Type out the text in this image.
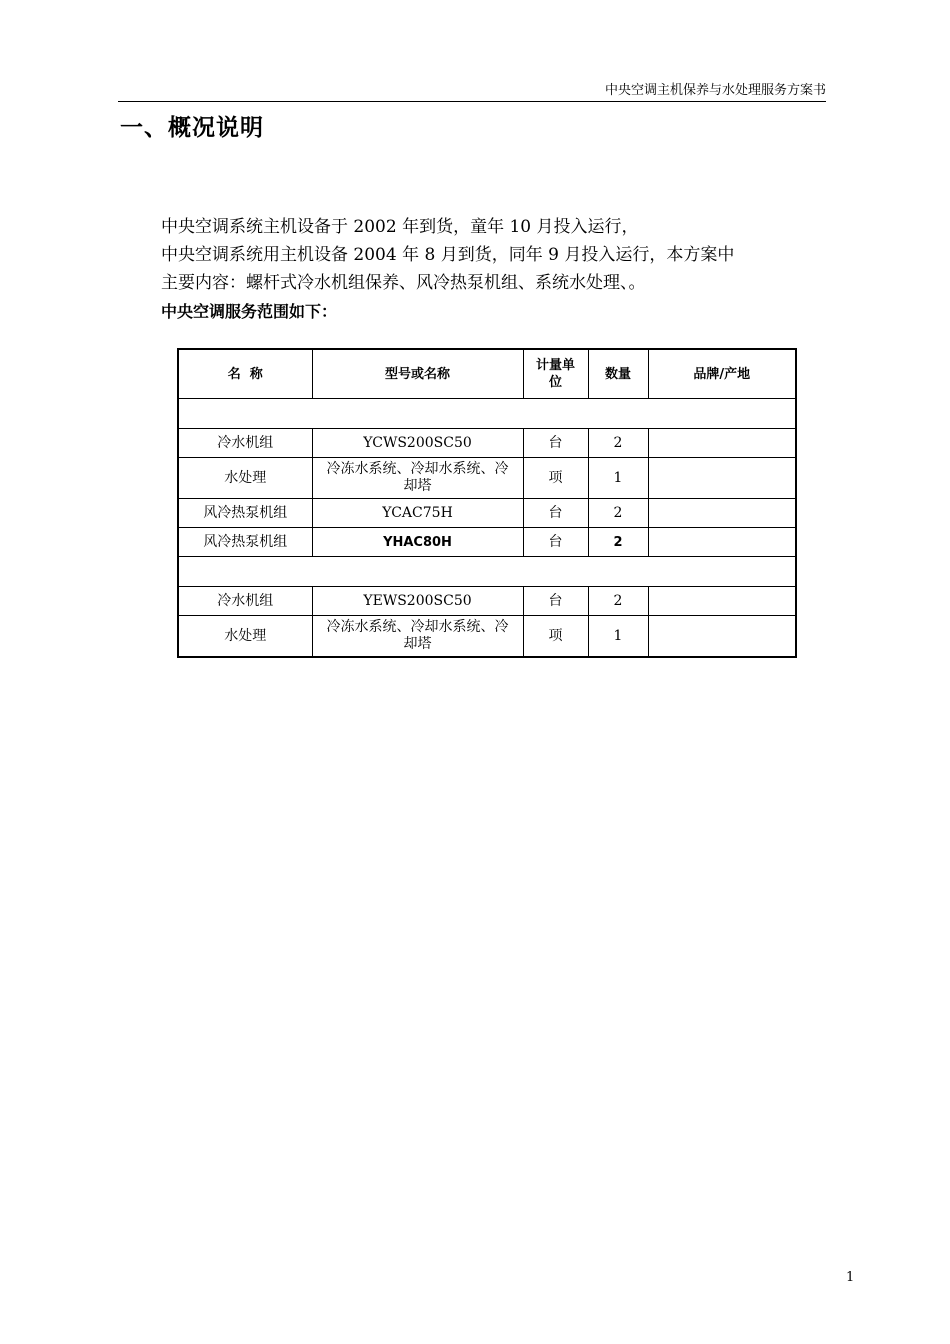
中央空调主机保养与水处理服务方案书
一、概况说明

中央空调系统主机设备于 2002 年到货，童年 10 月投入运行，

中央空调系统用主机设备 2004 年 8 月到货，同年 9 月投入运行，本方案中

主要内容：螺杆式冷水机组保养、风冷热泵机组、系统水处理、。

中央空调服务范围如下：
名  称	型号或名称	计量单位	数量	品牌/产地

冷水机组	YCWS200SC50	台	2	
水处理	冷冻水系统、冷却水系统、冷却塔	项	1	
风冷热泵机组	YCAC75H	台	2	
风冷热泵机组	YHAC80H	台	2	

冷水机组	YEWS200SC50	台	2	
水处理	冷冻水系统、冷却水系统、冷却塔	项	1	
1
